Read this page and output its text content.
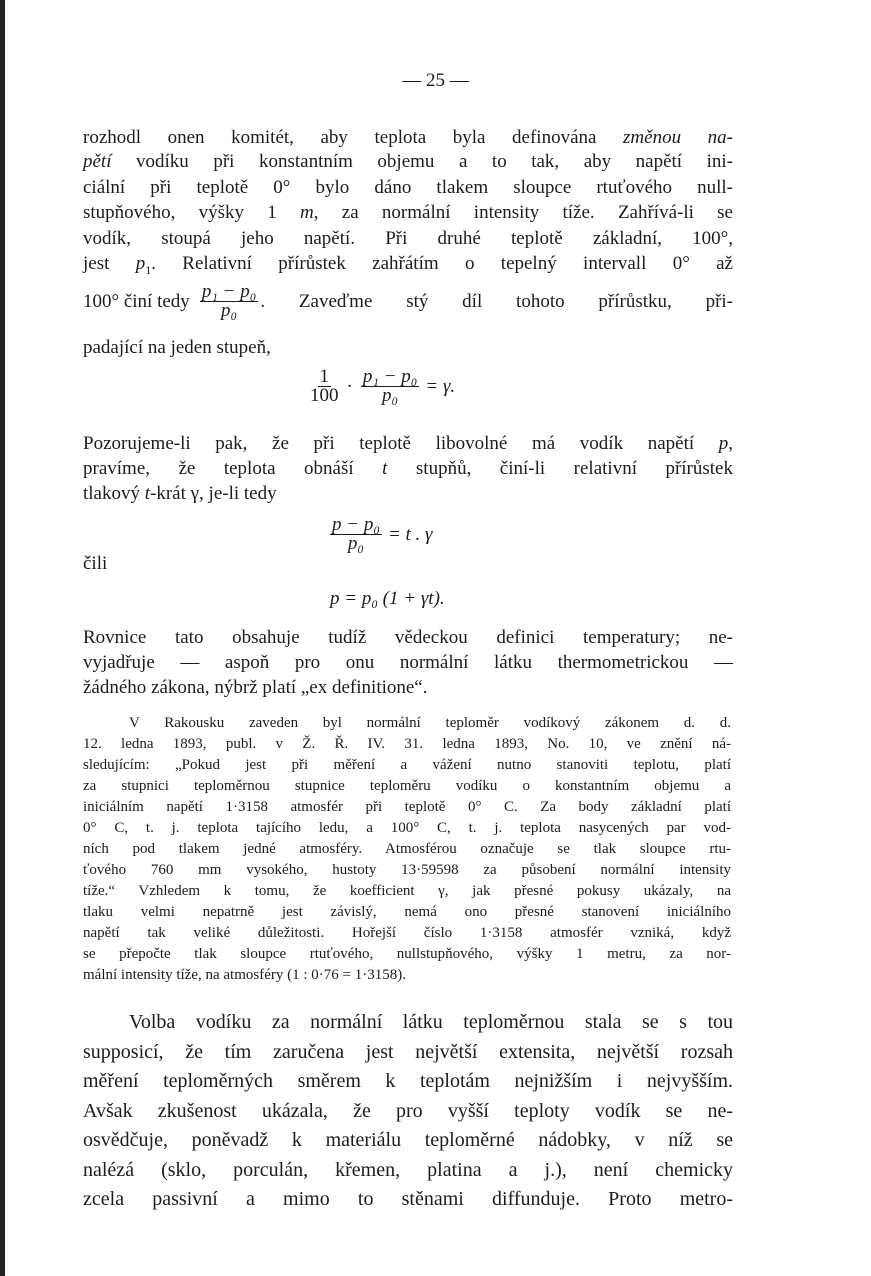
— 25 —
rozhodl onen komitét, aby teplota byla definována změnou na-
pětí vodíku při konstantním objemu a to tak, aby napětí ini-
ciální při teplotě 0° bylo dáno tlakem sloupce rtuťového null-
stupňového, výšky 1 m, za normální intensity tíže. Zahřívá-li se
vodík, stoupá jeho napětí. Při druhé teplotě základní, 100°,
jest $p_1$. Relativní přírůstek zahřátím o tepelný intervall 0° až
100° činí tedy $\frac{\text{p₁ − p₀}}{\text{p₀}}$ . Zaveďme stý díl tohoto přírůstku, při-
padající na jeden stupeň,
$\frac{1}{100} \cdot \frac{\text{p₁ − p₀}}{\text{p₀}} = \gamma$.
Pozorujeme-li pak, že při teplotě libovolné má vodík napětí p,
pravíme, že teplota obnáší t stupňů, činí-li relativní přírůstek
tlakový t-krát γ, je-li tedy
$\frac{\text{p − p₀}}{\text{p₀}} = t$ . γ
čili
p = p₀ (1 + γt).
Rovnice tato obsahuje tudíž vědeckou definici temperatury; ne-
vyjadřuje — aspoň pro onu normální látku thermometrickou —
žádného zákona, nýbrž platí „ex definitione“.
V Rakousku zaveden byl normální teploměr vodíkový zákonem d. d.
12. ledna 1893, publ. v Ž. Ř. IV. 31. ledna 1893, No. 10, ve znění ná-
sledujícím: „Pokud jest při měření a vážení nutno stanoviti teplotu, platí
za stupnici teploměrnou stupnice teploměru vodíku o konstantním objemu a
iniciálním napětí 1·3158 atmosfér při teplotě 0° C. Za body základní platí
0° C, t. j. teplota tajícího ledu, a 100° C, t. j. teplota nasycených par vod-
ních pod tlakem jedné atmosféry. Atmosférou označuje se tlak sloupce rtu-
ťového 760 mm vysokého, hustoty 13·59598 za působení normální intensity
tíže.“ Vzhledem k tomu, že koefficient γ, jak přesné pokusy ukázaly, na
tlaku velmi nepatrně jest závislý, nemá ono přesné stanovení iniciálního
napětí tak veliké důležitosti. Hořejší číslo 1·3158 atmosfér vzniká, když
se přepočte tlak sloupce rtuťového, nullstupňového, výšky 1 metru, za nor-
mální intensity tíže, na atmosféry (1 : 0·76 = 1·3158).
Volba vodíku za normální látku teploměrnou stala se s tou
supposicí, že tím zaručena jest největší extensita, největší rozsah
měření teploměrných směrem k teplotám nejnižším i nejvyšším.
Avšak zkušenost ukázala, že pro vyšší teploty vodík se ne-
osvědčuje, poněvadž k materiálu teploměrné nádobky, v níž se
nalézá (sklo, porculán, křemen, platina a j.), není chemicky
zcela passivní a mimo to stěnami diffunduje. Proto metro-
